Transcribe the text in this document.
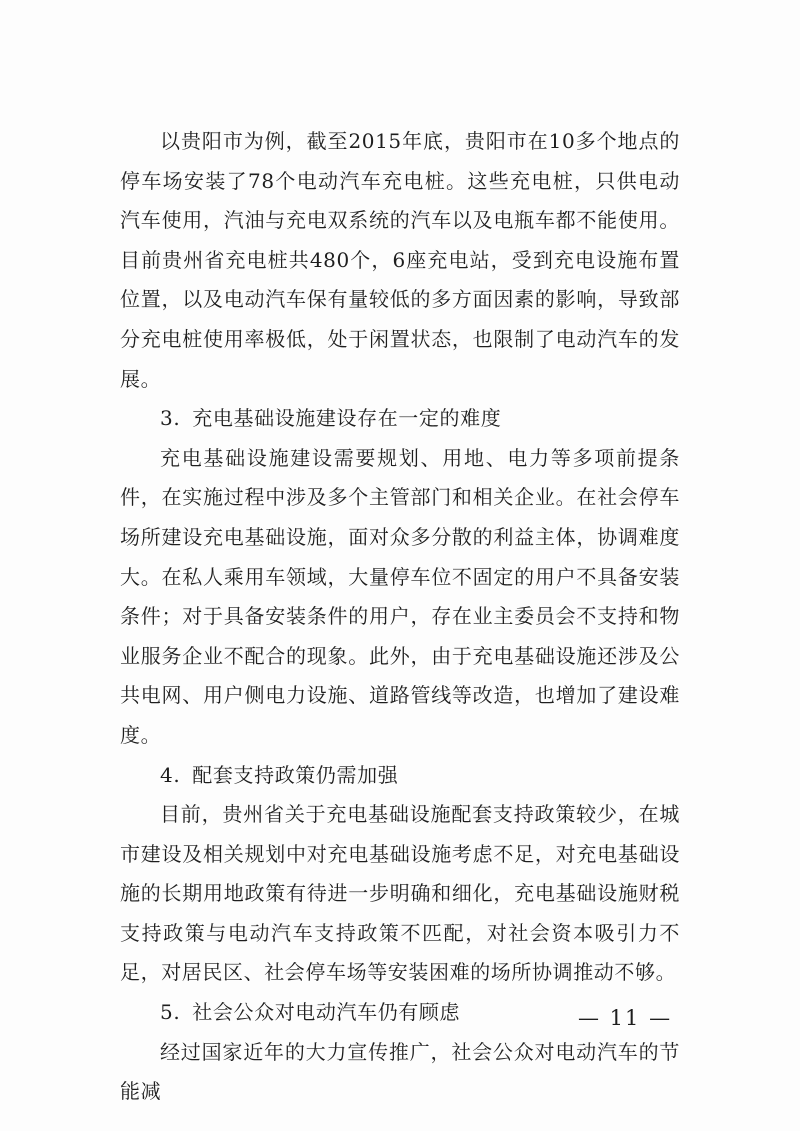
以贵阳市为例，截至2015年底，贵阳市在10多个地点的停车场安装了78个电动汽车充电桩。这些充电桩，只供电动汽车使用，汽油与充电双系统的汽车以及电瓶车都不能使用。目前贵州省充电桩共480个，6座充电站，受到充电设施布置位置，以及电动汽车保有量较低的多方面因素的影响，导致部分充电桩使用率极低，处于闲置状态，也限制了电动汽车的发展。

3. 充电基础设施建设存在一定的难度

充电基础设施建设需要规划、用地、电力等多项前提条件，在实施过程中涉及多个主管部门和相关企业。在社会停车场所建设充电基础设施，面对众多分散的利益主体，协调难度大。在私人乘用车领域，大量停车位不固定的用户不具备安装条件；对于具备安装条件的用户，存在业主委员会不支持和物业服务企业不配合的现象。此外，由于充电基础设施还涉及公共电网、用户侧电力设施、道路管线等改造，也增加了建设难度。

4. 配套支持政策仍需加强

目前，贵州省关于充电基础设施配套支持政策较少，在城市建设及相关规划中对充电基础设施考虑不足，对充电基础设施的长期用地政策有待进一步明确和细化，充电基础设施财税支持政策与电动汽车支持政策不匹配，对社会资本吸引力不足，对居民区、社会停车场等安装困难的场所协调推动不够。

5. 社会公众对电动汽车仍有顾虑

经过国家近年的大力宣传推广，社会公众对电动汽车的节能减

— 11 —
